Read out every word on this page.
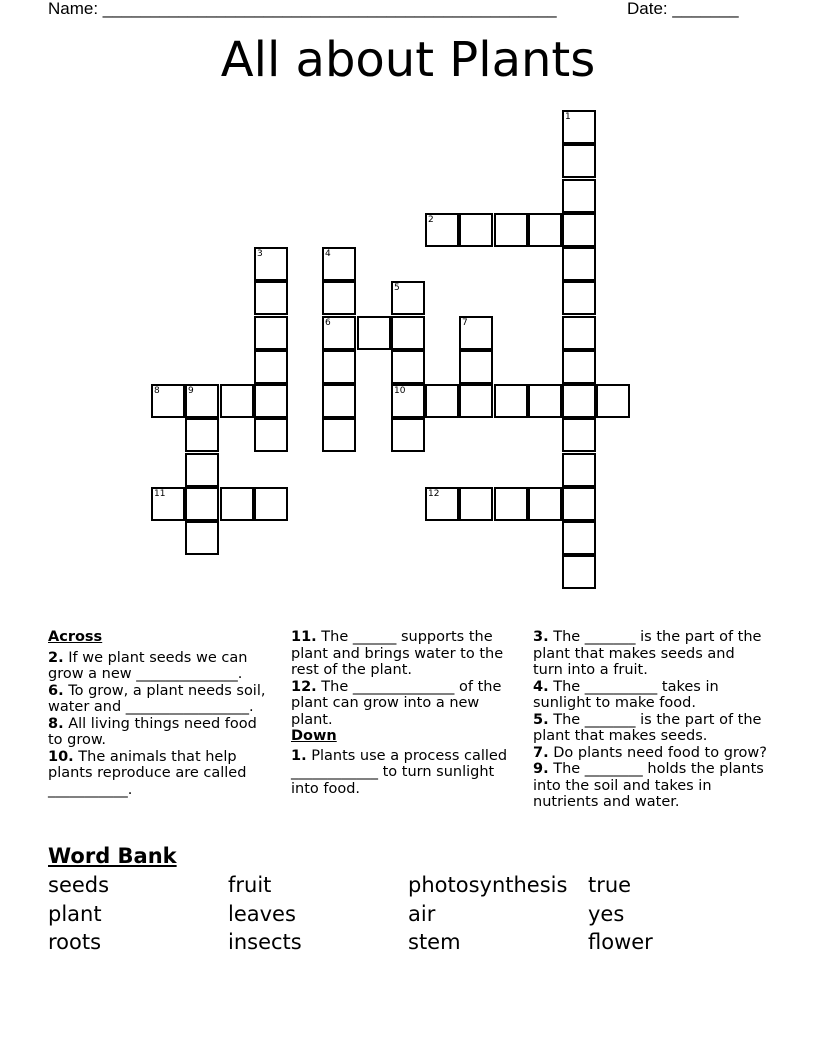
Name: ________________________________________________	Date: _______
All about Plants
1
2
3	4
6
5
10
7
8	9
11	12

Across

2. If we plant seeds we can grow a new ______________.

6. To grow, a plant needs soil, water and _________________.

8. All living things need food to grow.

10. The animals that help plants reproduce are called ___________.

11. The ______ supports the plant and brings water to the rest of the plant.

12. The ______________ of the plant can grow into a new plant.

Down

1. Plants use a process called ____________ to turn sunlight into food.

3. The _______ is the part of the plant that makes seeds and turn into a fruit.

4. The __________ takes in sunlight to make food.

5. The _______ is the part of the plant that makes seeds.

7. Do plants need food to grow?

9. The ________ holds the plants into the soil and takes in nutrients and water.

Word Bank
seeds	fruit	photosynthesis true
plant	leaves	air	yes
roots	insects	stem	flower
